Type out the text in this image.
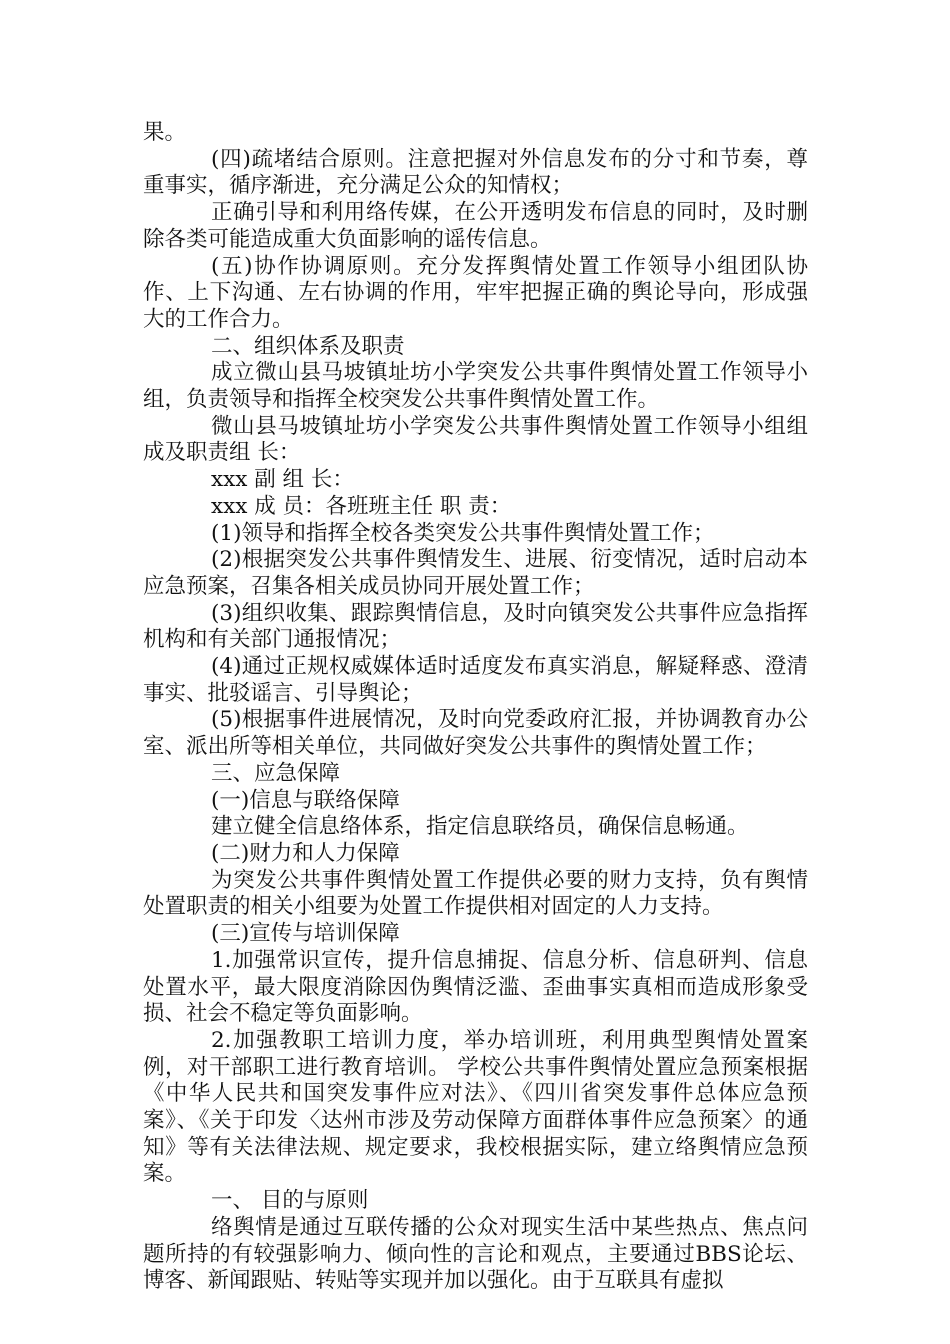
果。

(四)疏堵结合原则。注意把握对外信息发布的分寸和节奏，尊重事实，循序渐进，充分满足公众的知情权；

正确引导和利用络传媒，在公开透明发布信息的同时，及时删除各类可能造成重大负面影响的谣传信息。

(五)协作协调原则。充分发挥舆情处置工作领导小组团队协作、上下沟通、左右协调的作用，牢牢把握正确的舆论导向，形成强大的工作合力。

二、组织体系及职责

成立微山县马坡镇址坊小学突发公共事件舆情处置工作领导小组，负责领导和指挥全校突发公共事件舆情处置工作。

微山县马坡镇址坊小学突发公共事件舆情处置工作领导小组组成及职责组 长：

xxx 副 组 长：

xxx 成 员：各班班主任 职 责：

(1)领导和指挥全校各类突发公共事件舆情处置工作；

(2)根据突发公共事件舆情发生、进展、衍变情况，适时启动本应急预案，召集各相关成员协同开展处置工作；

(3)组织收集、跟踪舆情信息，及时向镇突发公共事件应急指挥机构和有关部门通报情况；

(4)通过正规权威媒体适时适度发布真实消息，解疑释惑、澄清事实、批驳谣言、引导舆论；

(5)根据事件进展情况，及时向党委政府汇报，并协调教育办公室、派出所等相关单位，共同做好突发公共事件的舆情处置工作；

三、应急保障

(一)信息与联络保障

建立健全信息络体系，指定信息联络员，确保信息畅通。

(二)财力和人力保障

为突发公共事件舆情处置工作提供必要的财力支持，负有舆情处置职责的相关小组要为处置工作提供相对固定的人力支持。

(三)宣传与培训保障

1.加强常识宣传，提升信息捕捉、信息分析、信息研判、信息处置水平，最大限度消除因伪舆情泛滥、歪曲事实真相而造成形象受损、社会不稳定等负面影响。

2.加强教职工培训力度，举办培训班，利用典型舆情处置案例，对干部职工进行教育培训。 学校公共事件舆情处置应急预案根据《中华人民共和国突发事件应对法》、《四川省突发事件总体应急预案》、《关于印发〈达州市涉及劳动保障方面群体事件应急预案〉的通知》等有关法律法规、规定要求，我校根据实际，建立络舆情应急预案。

一、 目的与原则

络舆情是通过互联传播的公众对现实生活中某些热点、焦点问题所持的有较强影响力、倾向性的言论和观点，主要通过BBS论坛、博客、新闻跟贴、转贴等实现并加以强化。由于互联具有虚拟
